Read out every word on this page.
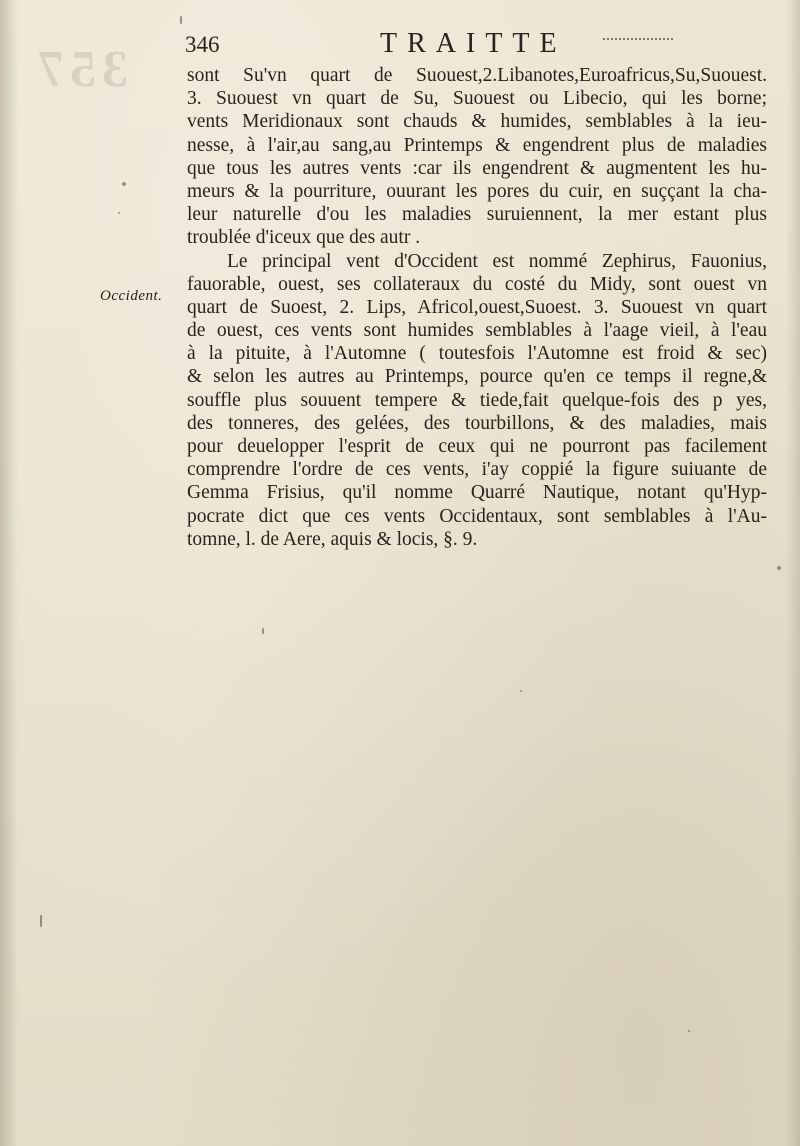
357 346	TRAITTE
Occident.
sont Su'vn quart de Suouest,2.Libanotes,Euroafricus,Su,Suouest.
3. Suouest vn quart de Su, Suouest ou Libecio, qui les borne;
vents Meridionaux sont chauds & humides, semblables à la ieu-
nesse, à l'air,au sang,au Printemps & engendrent plus de maladies
que tous les autres vents :car ils engendrent & augmentent les hu-
meurs & la pourriture, ouurant les pores du cuir, en suççant la cha-
leur naturelle d'ou les maladies suruiennent, la mer estant plus
troublée d'iceux que des autr .
Le principal vent d'Occident est nommé Zephirus, Fauonius,
fauorable, ouest, ses collateraux du costé du Midy, sont ouest vn
quart de Suoest, 2. Lips, Africol,ouest,Suoest. 3. Suouest vn quart
de ouest, ces vents sont humides semblables à l'aage vieil, à l'eau
à la pituite, à l'Automne ( toutesfois l'Automne est froid & sec)
& selon les autres au Printemps, pource qu'en ce temps il regne,&
souffle plus souuent tempere & tiede,fait quelque-fois des p yes,
des tonneres, des gelées, des tourbillons, & des maladies, mais
pour deuelopper l'esprit de ceux qui ne pourront pas facilement
comprendre l'ordre de ces vents, i'ay coppié la figure suiuante de
Gemma Frisius, qu'il nomme Quarré Nautique, notant qu'Hyp-
pocrate dict que ces vents Occidentaux, sont semblables à l'Au-
tomne, l. de Aere, aquis & locis, §. 9.
